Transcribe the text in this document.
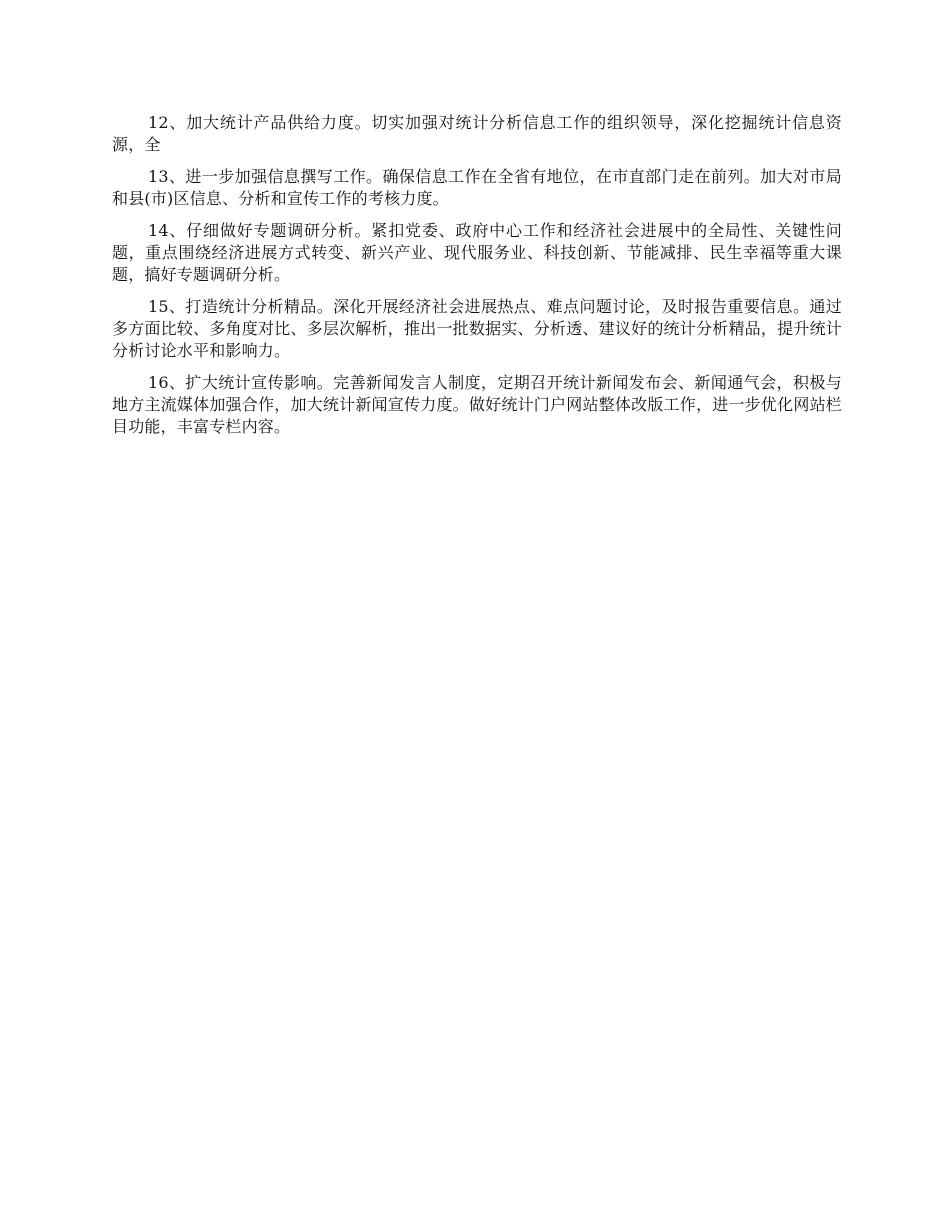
12、加大统计产品供给力度。切实加强对统计分析信息工作的组织领导，深化挖掘统计信息资源，全

13、进一步加强信息撰写工作。确保信息工作在全省有地位，在市直部门走在前列。加大对市局和县(市)区信息、分析和宣传工作的考核力度。

14、仔细做好专题调研分析。紧扣党委、政府中心工作和经济社会进展中的全局性、关键性问题，重点围绕经济进展方式转变、新兴产业、现代服务业、科技创新、节能减排、民生幸福等重大课题，搞好专题调研分析。

15、打造统计分析精品。深化开展经济社会进展热点、难点问题讨论，及时报告重要信息。通过多方面比较、多角度对比、多层次解析，推出一批数据实、分析透、建议好的统计分析精品，提升统计分析讨论水平和影响力。

16、扩大统计宣传影响。完善新闻发言人制度，定期召开统计新闻发布会、新闻通气会，积极与地方主流媒体加强合作，加大统计新闻宣传力度。做好统计门户网站整体改版工作，进一步优化网站栏目功能，丰富专栏内容。
